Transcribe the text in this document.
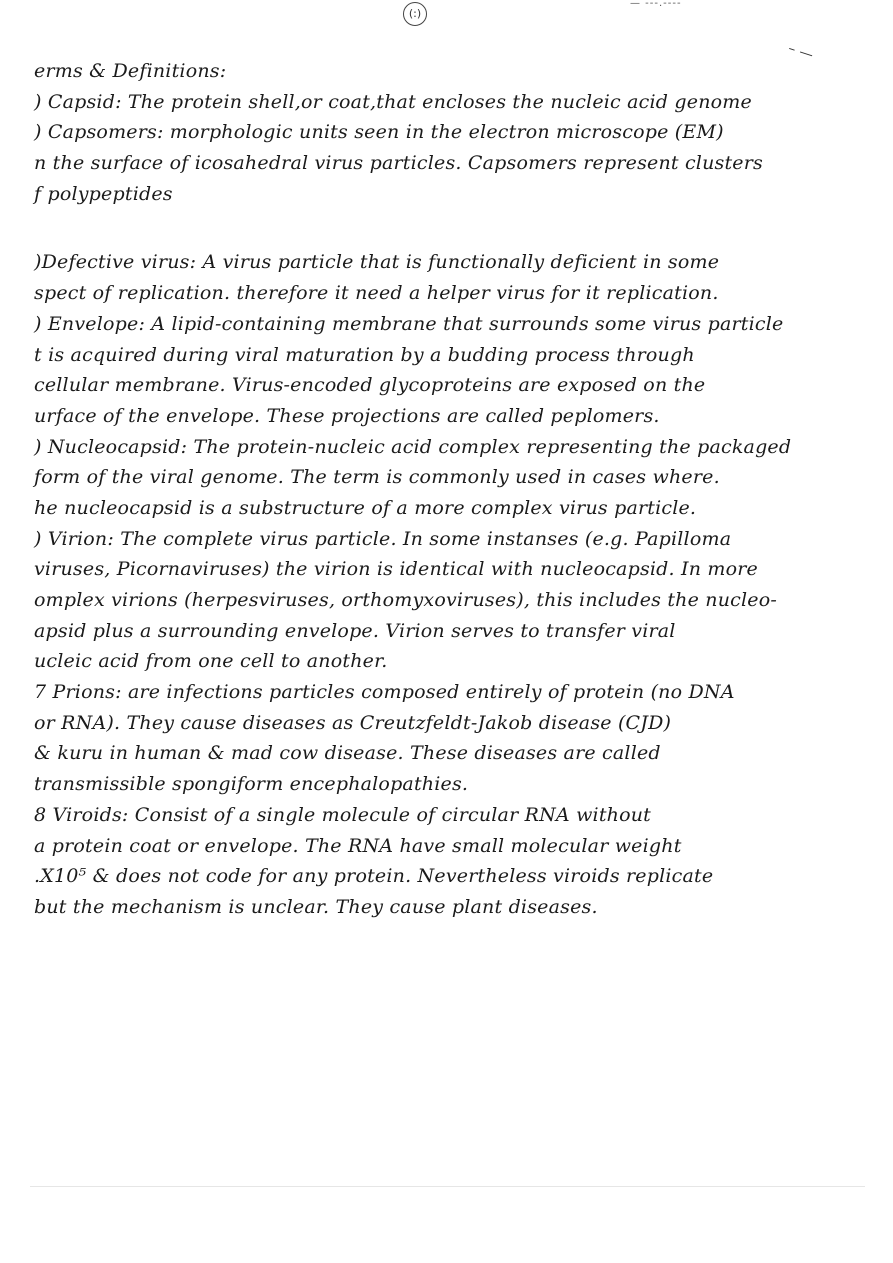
(:)
— ---.----
– —
erms & Definitions:
) Capsid: The protein shell,or coat,that encloses the nucleic acid genome
) Capsomers: morphologic units seen in the electron microscope (EM)
n the surface of icosahedral virus particles. Capsomers represent clusters
f polypeptides
)Defective virus: A virus particle that is functionally deficient in some
spect of replication. therefore it need a helper virus for it replication.
) Envelope: A lipid-containing membrane that surrounds some virus particle
t is acquired during viral maturation by a budding process through
cellular membrane. Virus-encoded glycoproteins are exposed on the
urface of the envelope. These projections are called peplomers.
) Nucleocapsid: The protein-nucleic acid complex representing the packaged
form of the viral genome. The term is commonly used in cases where.
he nucleocapsid is a substructure of a more complex virus particle.
) Virion: The complete virus particle. In some instanses (e.g. Papilloma
viruses, Picornaviruses) the virion is identical with nucleocapsid. In more
omplex virions (herpesviruses, orthomyxoviruses), this includes the nucleo-
apsid plus a surrounding envelope. Virion serves to transfer viral
ucleic acid from one cell to another.
7 Prions: are infections particles composed entirely of protein (no DNA
or RNA). They cause diseases as Creutzfeldt-Jakob disease (CJD)
& kuru in human & mad cow disease. These diseases are called
transmissible spongiform encephalopathies.
8 Viroids: Consist of a single molecule of circular RNA without
a protein coat or envelope. The RNA have small molecular weight
.X10⁵ & does not code for any protein. Nevertheless viroids replicate
but the mechanism is unclear. They cause plant diseases.
